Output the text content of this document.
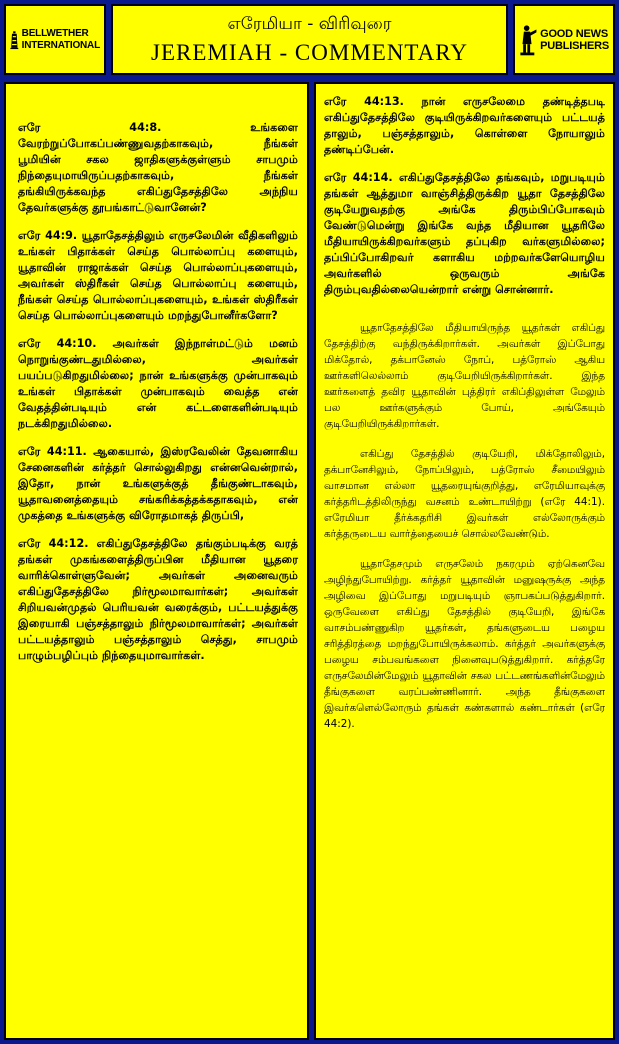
BELLWETHER
INTERNATIONAL
எரேமியா - விரிவுரை
JEREMIAH - COMMENTARY
GOOD NEWS
PUBLISHERS

எரே 44:8. உங்களை வேரற்றுப்போகப்பண்ணுவதற்காகவும், நீங்கள் பூமியின் சகல ஜாதிகளுக்குள்ளும் சாபமும் நிந்தையுமாயிருப்பதற்காகவும், நீங்கள் தங்கியிருக்கவந்த எகிப்துதேசத்திலே அந்நிய தேவர்களுக்கு தூபங்காட்டுவானேன்?

எரே 44:9. யூதாதேசத்திலும் எருசலேமின் வீதிகளிலும் உங்கள் பிதாக்கள் செய்த பொல்லாப்பு களையும், யூதாவின் ராஜாக்கள் செய்த பொல்லாப்புகளையும், அவர்கள் ஸ்திரீகள் செய்த பொல்லாப்பு களையும், நீங்கள் செய்த பொல்லாப்புகளையும், உங்கள் ஸ்திரீகள் செய்த பொல்லாப்புகளையும் மறந்துபோனீர்களோ?

எரே 44:10. அவர்கள் இந்நாள்மட்டும் மனம் நொறுங்குண்டதுமில்லை, அவர்கள் பயப்படுகிறதுமில்லை; நான் உங்களுக்கு முன்பாகவும் உங்கள் பிதாக்கள் முன்பாகவும் வைத்த என் வேதத்தின்படியும் என் கட்டளைகளின்படியும் நடக்கிறதுமில்லை.

எரே 44:11. ஆகையால், இஸ்ரவேலின் தேவனாகிய சேனைகளின் கர்த்தர் சொல்லுகிறது என்னவென்றால், இதோ, நான் உங்களுக்குத் தீங்குண்டாகவும், யூதாவனைத்தையும் சங்கரிக்கத்தக்கதாகவும், என் முகத்தை உங்களுக்கு விரோதமாகத் திருப்பி,

எரே 44:12. எகிப்துதேசத்திலே தங்கும்படிக்கு வரத் தங்கள் முகங்களைத்திருப்பின மீதியான யூதரை வாரிக்கொள்ளுவேன்; அவர்கள் அனைவரும் எகிப்துதேசத்திலே நிர்மூலமாவார்கள்; அவர்கள் சிறியவன்முதல் பெரியவன் வரைக்கும், பட்டயத்துக்கு இரையாகி பஞ்சத்தாலும் நிர்மூலமாவார்கள்; அவர்கள் பட்டயத்தாலும் பஞ்சத்தாலும் செத்து, சாபமும் பாழும்பழிப்பும் நிந்தையுமாவார்கள்.

எரே 44:13. நான் எருசலேமை தண்டித்தபடி எகிப்துதேசத்திலே குடியிருக்கிறவர்களையும் பட்டயத் தாலும், பஞ்சத்தாலும், கொள்ளை நோயாலும் தண்டிப்பேன்.

எரே 44:14. எகிப்துதேசத்திலே தங்கவும், மறுபடியும் தங்கள் ஆத்துமா வாஞ்சித்திருக்கிற யூதா தேசத்திலே குடியேறுவதற்கு அங்கே திரும்பிப்போகவும் வேண்டுமென்று இங்கே வந்த மீதியான யூதரிலே மீதியாயிருக்கிறவர்களும் தப்புகிற வர்களுமில்லை; தப்பிப்போகிறவர் களாகிய மற்றவர்களேயொழிய அவர்களில் ஒருவரும் அங்கே திரும்புவதில்லையென்றார் என்று சொன்னார்.

யூதாதேசத்திலே மீதியாயிருந்த யூதர்கள் எகிப்து தேசத்திற்கு வந்திருக்கிறார்கள். அவர்கள் இப்போது மிக்தோல், தக்பானேஸ் நோப், பத்ரோஸ் ஆகிய ஊர்களிலெல்லாம் குடியேறியிருக்கிறார்கள். இந்த ஊர்களைத் தவிர யூதாவின் புத்திரர் எகிப்திலுள்ள மேலும் பல ஊர்களுக்கும் போய், அங்கேயும் குடியேறியிருக்கிறார்கள்.

எகிப்து தேசத்தில் குடியேறி, மிக்தோலிலும், தக்பானேசிலும், நோப்பிலும், பத்ரோஸ் சீமையிலும் வாசமான எல்லா யூதரையுங்குறித்து, எரேமியாவுக்கு கர்த்தரிடத்திலிருந்து வசனம் உண்டாயிற்று (எரே 44:1). எரேமியா தீர்க்கதரிசி இவர்கள் எல்லோருக்கும் கர்த்தருடைய வார்த்தையைச் சொல்லவேண்டும்.

யூதாதேசமும் எருசலேம் நகரமும் ஏற்கெனவே அழிந்துபோயிற்று. கர்த்தர் யூதாவின் மனுஷருக்கு அந்த அழிவை இப்போது மறுபடியும் ஞாபகப்படுத்துகிறார். ஒருவேளை எகிப்து தேசத்தில் குடியேறி, இங்கே வாசம்பண்ணுகிற யூதர்கள், தங்களுடைய பழைய சரித்திரத்தை மறந்துபோயிருக்கலாம். கர்த்தர் அவர்களுக்கு பழைய சம்பவங்களை நினைவுபடுத்துகிறார். கர்த்தரே எருசலேமின்மேலும் யூதாவின் சகல பட்டணங்களின்மேலும் தீங்குகளை வரப்பண்ணினார். அந்த தீங்குகளை இவர்களெல்லோரும் தங்கள் கண்களால் கண்டார்கள் (எரே 44:2).
